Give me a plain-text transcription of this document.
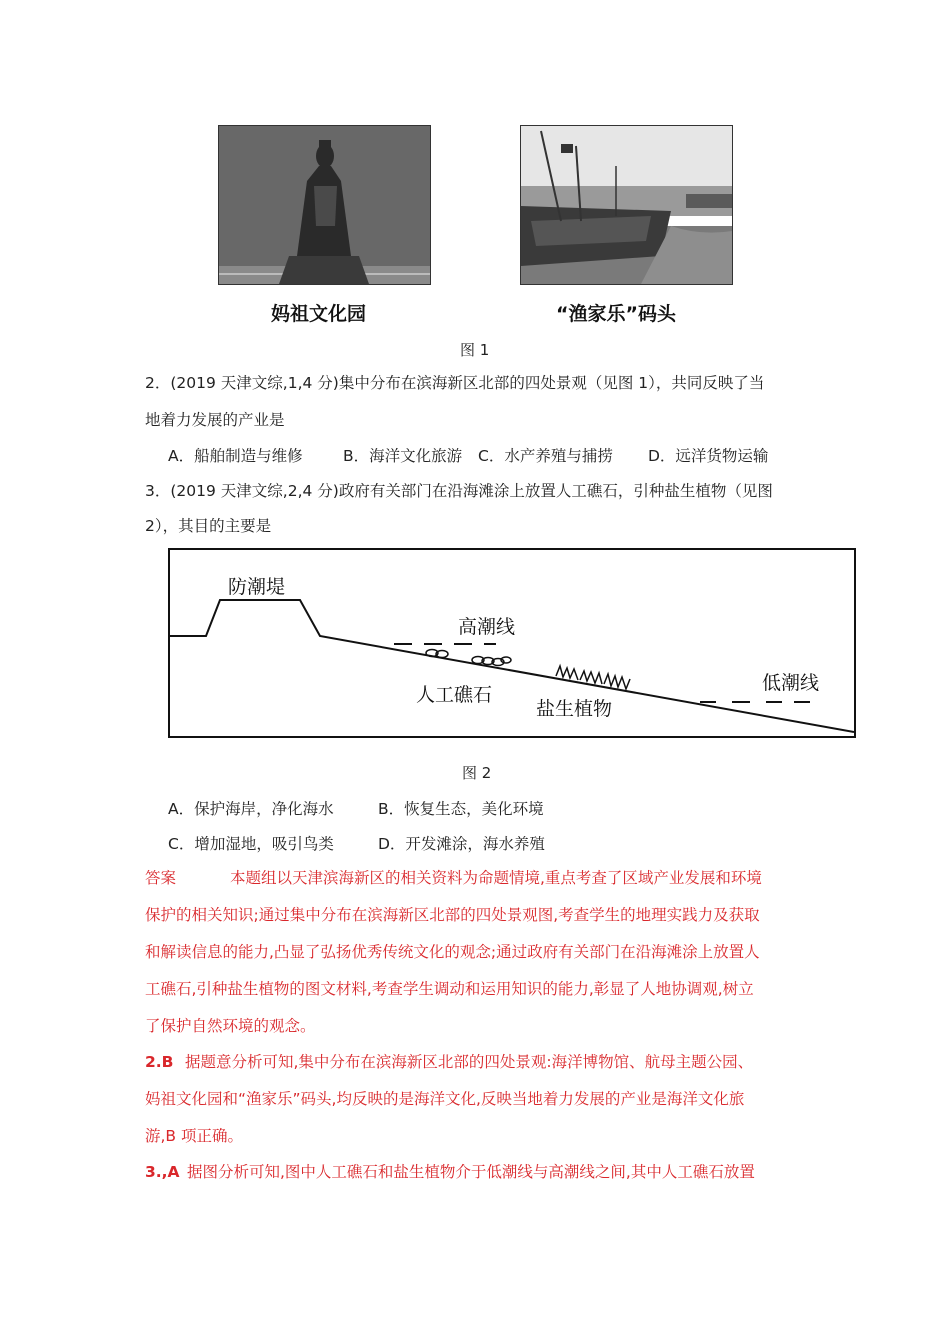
妈祖文化园	“渔家乐”码头
图 1
2．(2019 天津文综,1,4 分)集中分布在滨海新区北部的四处景观（见图 1），共同反映了当
地着力发展的产业是
A．船舶制造与维修	B．海洋文化旅游 C．水产养殖与捕捞 D．远洋货物运输
3．(2019 天津文综,2,4 分)政府有关部门在沿海滩涂上放置人工礁石，引种盐生植物（见图
2），其目的主要是
防潮堤
高潮线
人工礁石
盐生植物
低潮线
图 2
A．保护海岸，净化海水	B．恢复生态，美化环境
C．增加湿地，吸引鸟类	D．开发滩涂，海水养殖
答案	本题组以天津滨海新区的相关资料为命题情境,重点考查了区域产业发展和环境
保护的相关知识;通过集中分布在滨海新区北部的四处景观图,考查学生的地理实践力及获取
和解读信息的能力,凸显了弘扬优秀传统文化的观念;通过政府有关部门在沿海滩涂上放置人
工礁石,引种盐生植物的图文材料,考查学生调动和运用知识的能力,彰显了人地协调观,树立
了保护自然环境的观念。
2.B 据题意分析可知,集中分布在滨海新区北部的四处景观:海洋博物馆、航母主题公园、
妈祖文化园和“渔家乐”码头,均反映的是海洋文化,反映当地着力发展的产业是海洋文化旅
游,B 项正确。
3.,A 据图分析可知,图中人工礁石和盐生植物介于低潮线与高潮线之间,其中人工礁石放置
